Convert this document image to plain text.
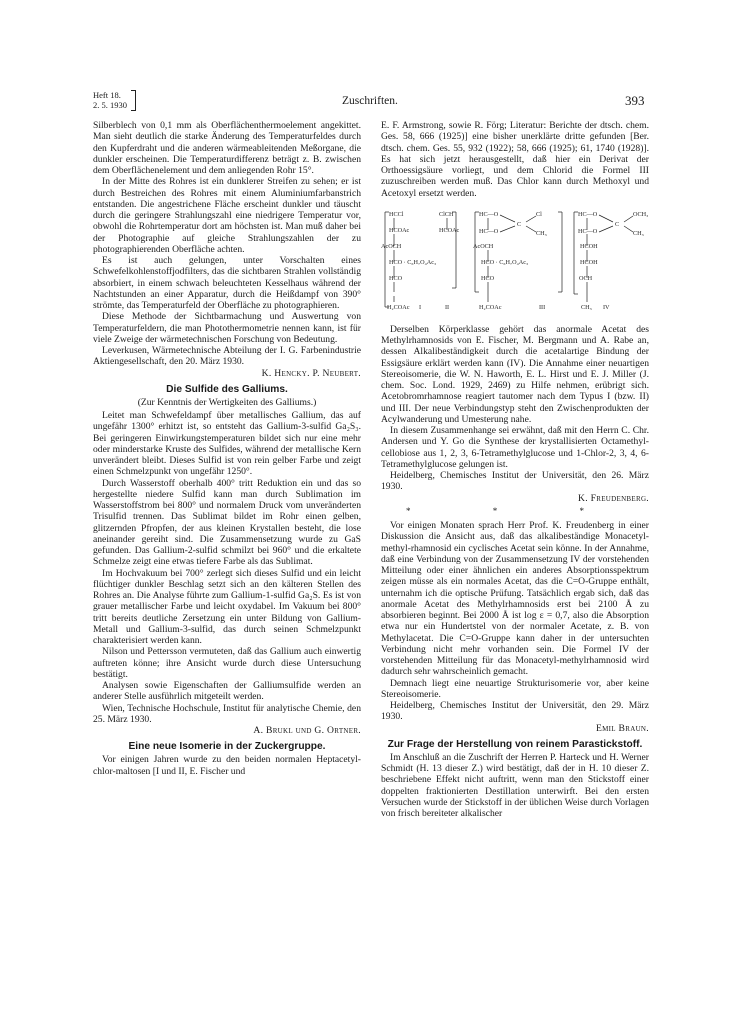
Heft 18.
2. 5. 1930	Zuschriften.	393

Silberblech von 0,1 mm als Oberflächenthermoelement angekittet. Man sieht deutlich die starke Änderung des Temperaturfeldes durch den Kupferdraht und die anderen wärmeableitenden Meßorgane, die dunkler erscheinen. Die Temperaturdifferenz beträgt z. B. zwischen dem Oberflächenelement und dem anliegenden Rohr 15°.

In der Mitte des Rohres ist ein dunklerer Streifen zu sehen; er ist durch Bestreichen des Rohres mit einem Aluminiumfarbanstrich entstanden. Die angestrichene Fläche erscheint dunkler und täuscht durch die geringere Strahlungszahl eine niedrigere Temperatur vor, obwohl die Rohrtemperatur dort am höchsten ist. Man muß daher bei der Photographie auf gleiche Strahlungszahlen der zu photographierenden Oberfläche achten.

Es ist auch gelungen, unter Vorschalten eines Schwefelkohlenstoffjodfilters, das die sichtbaren Strahlen vollständig absorbiert, in einem schwach beleuchteten Kesselhaus während der Nachtstunden an einer Apparatur, durch die Heißdampf von 390° strömte, das Temperaturfeld der Oberfläche zu photographieren.

Diese Methode der Sichtbarmachung und Auswertung von Temperaturfeldern, die man Photothermometrie nennen kann, ist für viele Zweige der wärmetechnischen Forschung von Bedeutung.

Leverkusen, Wärmetechnische Abteilung der I. G. Farbenindustrie Aktiengesellschaft, den 20. März 1930.

K. Hencky. P. Neubert.
Die Sulfide des Galliums.
(Zur Kenntnis der Wertigkeiten des Galliums.)

Leitet man Schwefeldampf über metallisches Gallium, das auf ungefähr 1300° erhitzt ist, so entsteht das Gallium-3-sulfid Ga₂S₃. Bei geringeren Einwirkungstemperaturen bildet sich nur eine mehr oder minderstarke Kruste des Sulfides, während der metallische Kern unverändert bleibt. Dieses Sulfid ist von rein gelber Farbe und zeigt einen Schmelzpunkt von ungefähr 1250°.

Durch Wasserstoff oberhalb 400° tritt Reduktion ein und das so hergestellte niedere Sulfid kann man durch Sublimation im Wasserstoffstrom bei 800° und normalem Druck vom unveränderten Trisulfid trennen. Das Sublimat bildet im Rohr einen gelben, glitzernden Pfropfen, der aus kleinen Krystallen besteht, die lose aneinander gereiht sind. Die Zusammensetzung wurde zu GaS gefunden. Das Gallium-2-sulfid schmilzt bei 960° und die erkaltete Schmelze zeigt eine etwas tiefere Farbe als das Sublimat.

Im Hochvakuum bei 700° zerlegt sich dieses Sulfid und ein leicht flüchtiger dunkler Beschlag setzt sich an den kälteren Stellen des Rohres an. Die Analyse führte zum Gallium-1-sulfid Ga₂S. Es ist von grauer metallischer Farbe und leicht oxydabel. Im Vakuum bei 800° tritt bereits deutliche Zersetzung ein unter Bildung von Gallium-Metall und Gallium-3-sulfid, das durch seinen Schmelzpunkt charakterisiert werden kann.

Nilson und Pettersson vermuteten, daß das Gallium auch einwertig auftreten könne; ihre Ansicht wurde durch diese Untersuchung bestätigt.

Analysen sowie Eigenschaften der Galliumsulfide werden an anderer Stelle ausführlich mitgeteilt werden.

Wien, Technische Hochschule, Institut für analytische Chemie, den 25. März 1930.

A. Brukl und G. Ortner.
Eine neue Isomerie in der Zuckergruppe.

Vor einigen Jahren wurde zu den beiden normalen Heptacetyl-chlor-maltosen [I und II, E. Fischer und

E. F. Armstrong, sowie R. Förg; Literatur: Berichte der dtsch. chem. Ges. 58, 666 (1925)] eine bisher unerklärte dritte gefunden [Ber. dtsch. chem. Ges. 55, 932 (1922); 58, 666 (1925); 61, 1740 (1928)]. Es hat sich jetzt herausgestellt, daß hier ein Derivat der Orthoessigsäure vorliegt, und dem Chlorid die Formel III zuzuschreiben werden muß. Das Chlor kann durch Methoxyl und Acetoxyl ersetzt werden.

HCCl
HCOAc
AcOCH
HCO · C₆H₇O₄Ac₃
HCO
H₂COAc I
ClCH
HCOAc
II
HC—O
HC—O
C
Cl
CH₃
AcOCH
HCO · C₆H₇O₄Ac₃
HCO
H₂COAc	III
HC—O
HC—O
C
OCH₃
CH₃
HCOH
HCOH
OCH
CH₃ IV

Derselben Körperklasse gehört das anormale Acetat des Methylrhamnosids von E. Fischer, M. Bergmann und A. Rabe an, dessen Alkalibeständigkeit durch die acetalartige Bindung der Essigsäure erklärt werden kann (IV). Die Annahme einer neuartigen Stereoisomerie, die W. N. Haworth, E. L. Hirst und E. J. Miller (J. chem. Soc. Lond. 1929, 2469) zu Hilfe nehmen, erübrigt sich. Acetobromrhamnose reagiert tautomer nach dem Typus I (bzw. II) und III. Der neue Verbindungstyp steht den Zwischenprodukten der Acylwanderung und Umesterung nahe.

In diesem Zusammenhange sei erwähnt, daß mit den Herrn C. Chr. Andersen und Y. Go die Synthese der krystallisierten Octamethyl-cellobiose aus 1, 2, 3, 6-Tetramethylglucose und 1-Chlor-2, 3, 4, 6-Tetramethylglucose gelungen ist.

Heidelberg, Chemisches Institut der Universität, den 26. März 1930.

K. Freudenberg.
* * *

Vor einigen Monaten sprach Herr Prof. K. Freudenberg in einer Diskussion die Ansicht aus, daß das alkalibeständige Monacetyl-methyl-rhamnosid ein cyclisches Acetat sein könne. In der Annahme, daß eine Verbindung von der Zusammensetzung IV der vorstehenden Mitteilung oder einer ähnlichen ein anderes Absorptionsspektrum zeigen müsse als ein normales Acetat, das die C=O-Gruppe enthält, unternahm ich die optische Prüfung. Tatsächlich ergab sich, daß das anormale Acetat des Methylrhamnosids erst bei 2100 Å zu absorbieren beginnt. Bei 2000 Å ist log ε = 0,7, also die Absorption etwa nur ein Hundertstel von der normaler Acetate, z. B. von Methylacetat. Die C=O-Gruppe kann daher in der untersuchten Verbindung nicht mehr vorhanden sein. Die Formel IV der vorstehenden Mitteilung für das Monacetyl-methylrhamnosid wird dadurch sehr wahrscheinlich gemacht.

Demnach liegt eine neuartige Strukturisomerie vor, aber keine Stereoisomerie.

Heidelberg, Chemisches Institut der Universität, den 29. März 1930.

Emil Braun.
Zur Frage der Herstellung von reinem Parastickstoff.

Im Anschluß an die Zuschrift der Herren P. Harteck und H. Werner Schmidt (H. 13 dieser Z.) wird bestätigt, daß der in H. 10 dieser Z. beschriebene Effekt nicht auftritt, wenn man den Stickstoff einer doppelten fraktionierten Destillation unterwirft. Bei den ersten Versuchen wurde der Stickstoff in der üblichen Weise durch Vorlagen von frisch bereiteter alkalischer
